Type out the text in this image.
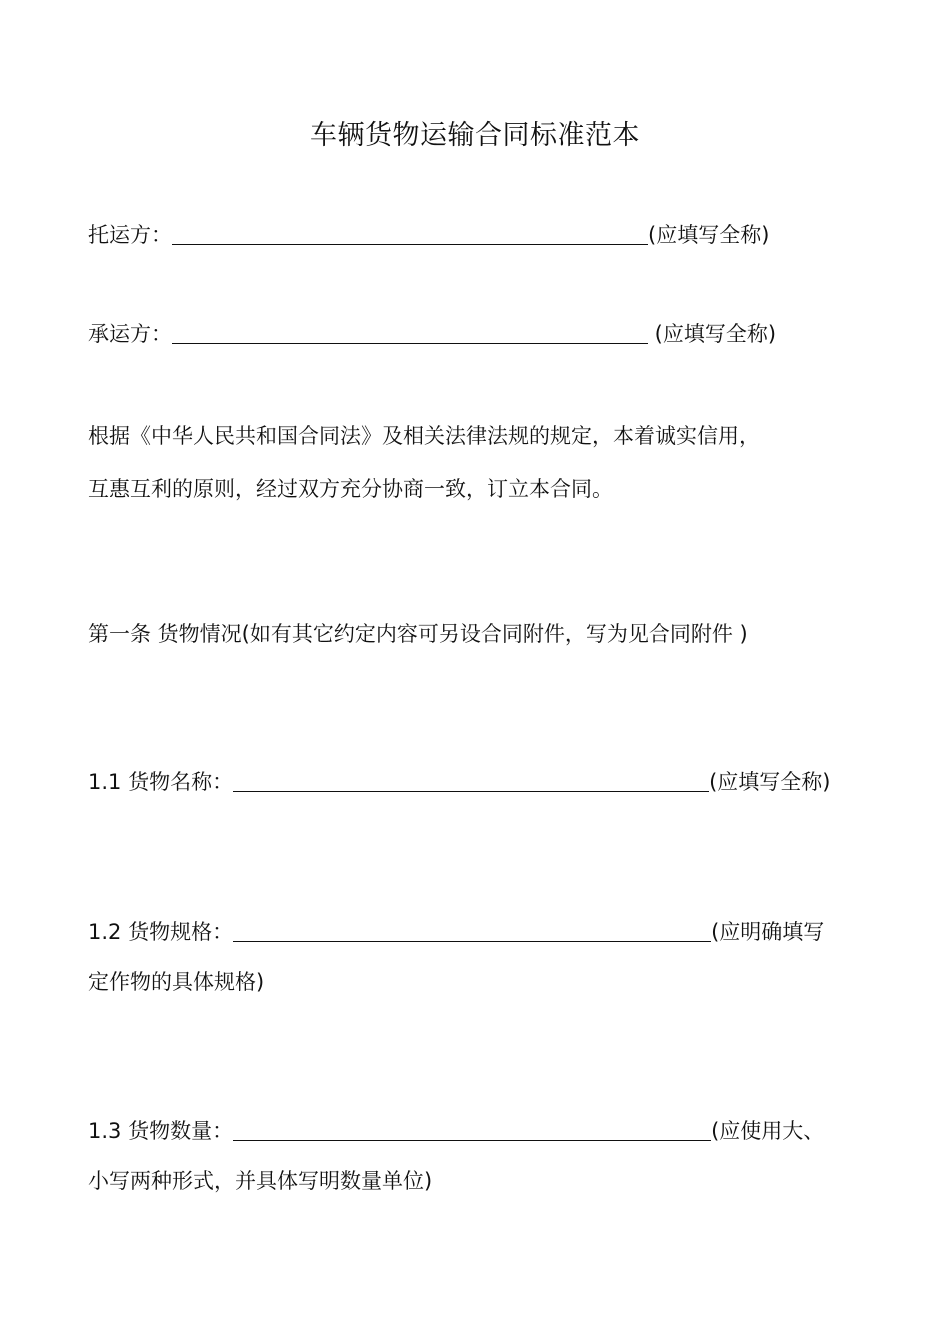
车辆货物运输合同标准范本
托运方：	(应填写全称)
承运方：	(应填写全称)

根据《中华人民共和国合同法》及相关法律法规的规定，本着诚实信用，

互惠互利的原则，经过双方充分协商一致，订立本合同。

第一条 货物情况(如有其它约定内容可另设合同附件，写为见合同附件 )
1.1 货物名称：	(应填写全称)

1.2 货物规格：	(应明确填写

定作物的具体规格)

1.3 货物数量：	(应使用大、

小写两种形式，并具体写明数量单位)
